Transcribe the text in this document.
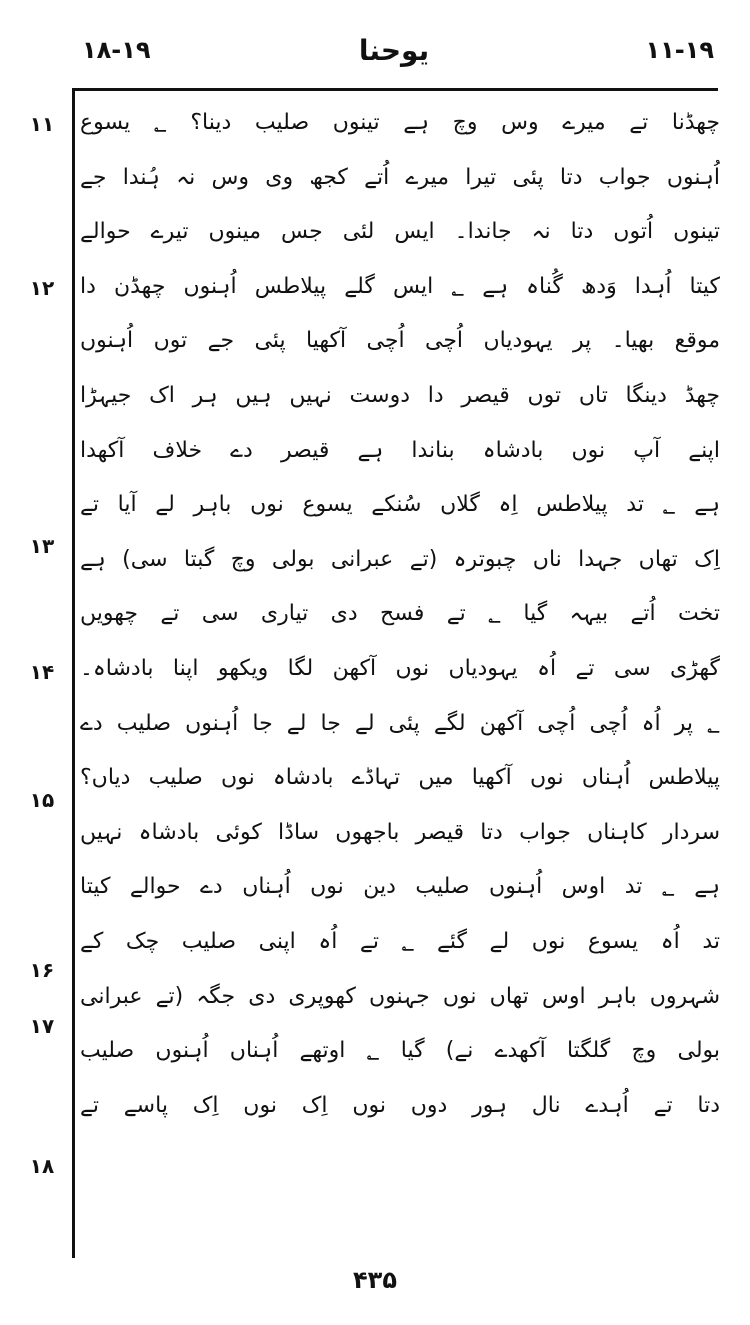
۱۸-۱۹	یوحنا	۱۱-۱۹
۱۱
۱۲
۱۳
۱۴
۱۵
۱۶
۱۷
۱۸
چھڈنا تے میرے وس وچ ہے تینوں صلیب دینا؟ ؂ یسوع
اُہنوں جواب دتا پئی تیرا میرے اُتے کجھ وی وس نہ ہُندا جے
تینوں اُتوں دتا نہ جاندا۔ ایس لئی جس مینوں تیرے حوالے
کیتا اُہدا وَدھ گُناہ ہے ؂ ایس گلے پیلاطس اُہنوں چھڈن دا
موقع بھیا۔ پر یہودیاں اُچی اُچی آکھیا پئی جے توں اُہنوں
چھڈ دینگا تاں توں قیصر دا دوست نہیں ہیں ہر اک جیہڑا
اپنے آپ نوں بادشاہ بناندا ہے قیصر دے خلاف آکھدا
ہے ؂ تد پیلاطس اِہ گلاں سُنکے یسوع نوں باہر لے آیا تے
اِک تھاں جہدا ناں چبوترہ (تے عبرانی بولی وچ گبتا سی) ہے
تخت اُتے بیہہ گیا ؂ تے فسح دی تیاری سی تے چھویں
گھڑی سی تے اُہ یہودیاں نوں آکھن لگا ویکھو اپنا بادشاہ۔
؂ پر اُہ اُچی اُچی آکھن لگے پئی لے جا لے جا اُہنوں صلیب دے
پیلاطس اُہناں نوں آکھیا میں تہاڈے بادشاہ نوں صلیب دیاں؟
سردار کاہناں جواب دتا قیصر باجھوں ساڈا کوئی بادشاہ نہیں
ہے ؂ تد اوس اُہنوں صلیب دین نوں اُہناں دے حوالے کیتا
تد اُہ یسوع نوں لے گئے ؂ تے اُہ اپنی صلیب چک کے
شہروں باہر اوس تھاں نوں جہنوں کھوپری دی جگہ (تے عبرانی
بولی وچ گلگتا آکھدے نے) گیا ؂ اوتھے اُہناں اُہنوں صلیب
دتا تے اُہدے نال ہور دوں نوں اِک نوں اِک پاسے تے
۴۳۵
